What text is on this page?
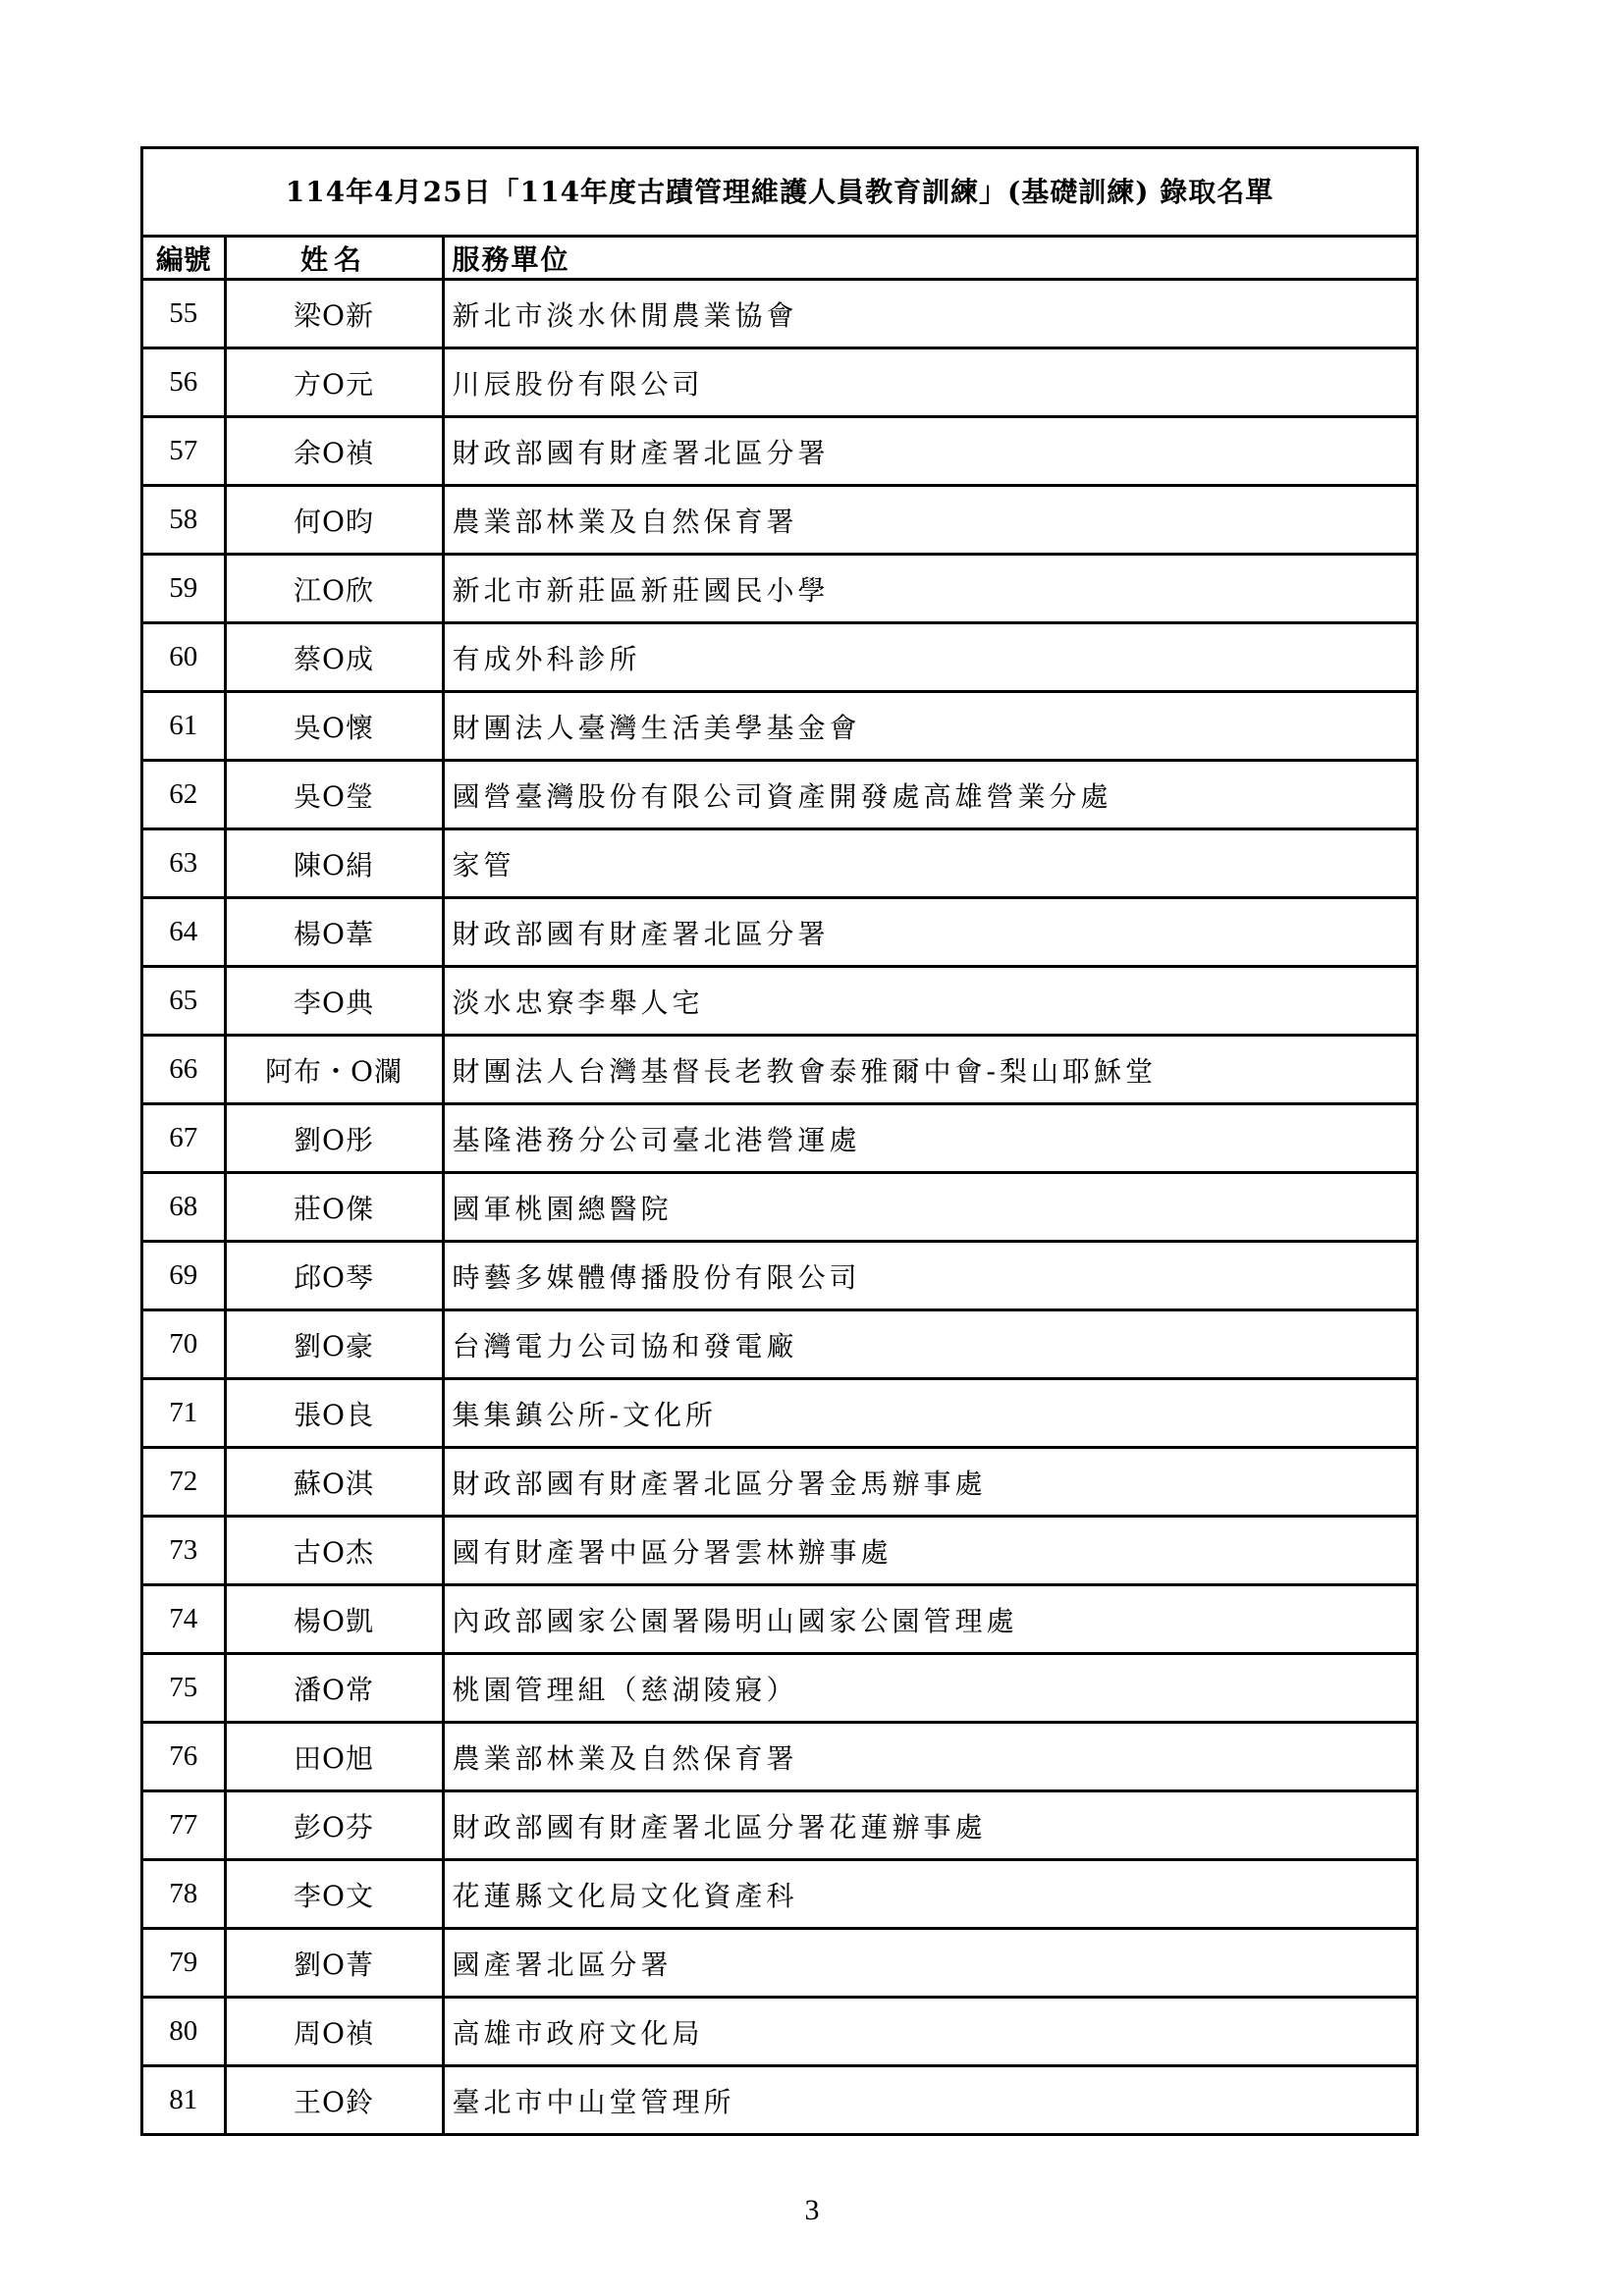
114年4月25日「114年度古蹟管理維護人員教育訓練」(基礎訓練) 錄取名單
編號	姓名	服務單位
55	梁O新	新北市淡水休閒農業協會
56	方O元	川辰股份有限公司
57	余O禎	財政部國有財產署北區分署
58	何O昀	農業部林業及自然保育署
59	江O欣	新北市新莊區新莊國民小學
60	蔡O成	有成外科診所
61	吳O懷	財團法人臺灣生活美學基金會
62	吳O瑩	國營臺灣股份有限公司資產開發處高雄營業分處
63	陳O絹	家管
64	楊O葦	財政部國有財產署北區分署
65	李O典	淡水忠寮李舉人宅
66	阿布・O瀾	財團法人台灣基督長老教會泰雅爾中會-梨山耶穌堂
67	劉O彤	基隆港務分公司臺北港營運處
68	莊O傑	國軍桃園總醫院
69	邱O琴	時藝多媒體傳播股份有限公司
70	劉O豪	台灣電力公司協和發電廠
71	張O良	集集鎮公所-文化所
72	蘇O淇	財政部國有財產署北區分署金馬辦事處
73	古O杰	國有財產署中區分署雲林辦事處
74	楊O凱	內政部國家公園署陽明山國家公園管理處
75	潘O常	桃園管理組（慈湖陵寢）
76	田O旭	農業部林業及自然保育署
77	彭O芬	財政部國有財產署北區分署花蓮辦事處
78	李O文	花蓮縣文化局文化資產科
79	劉O菁	國產署北區分署
80	周O禎	高雄市政府文化局
81	王O鈴	臺北市中山堂管理所
3
